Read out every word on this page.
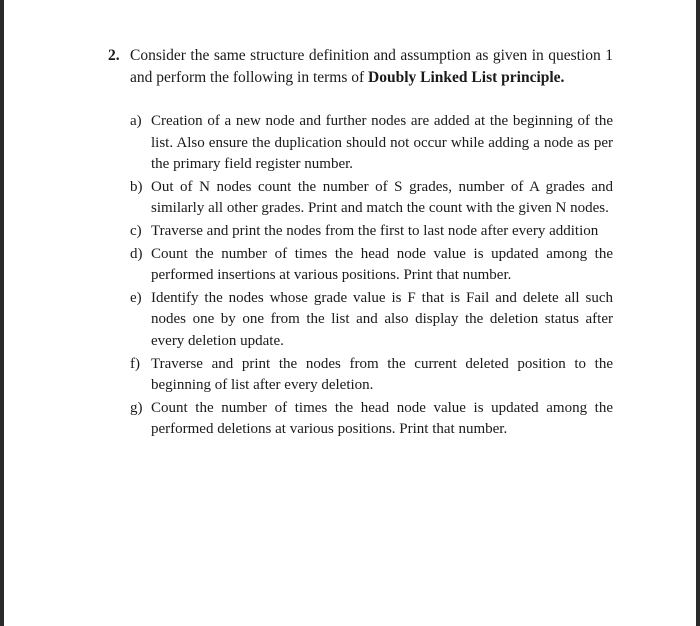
2. Consider the same structure definition and assumption as given in question 1 and perform the following in terms of Doubly Linked List principle.
a) Creation of a new node and further nodes are added at the beginning of the list. Also ensure the duplication should not occur while adding a node as per the primary field register number.
b) Out of N nodes count the number of S grades, number of A grades and similarly all other grades. Print and match the count with the given N nodes.
c) Traverse and print the nodes from the first to last node after every addition
d) Count the number of times the head node value is updated among the performed insertions at various positions. Print that number.
e) Identify the nodes whose grade value is F that is Fail and delete all such nodes one by one from the list and also display the deletion status after every deletion update.
f) Traverse and print the nodes from the current deleted position to the beginning of list after every deletion.
g) Count the number of times the head node value is updated among the performed deletions at various positions. Print that number.
